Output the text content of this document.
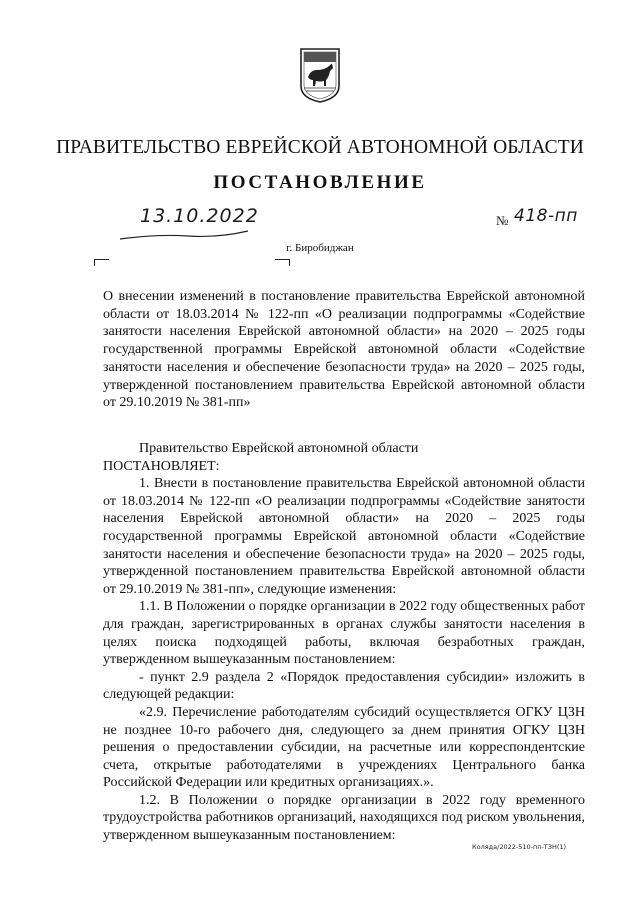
ПРАВИТЕЛЬСТВО ЕВРЕЙСКОЙ АВТОНОМНОЙ ОБЛАСТИ
ПОСТАНОВЛЕНИЕ
13.10.2022	№ 418-пп
г. Биробиджан

О внесении изменений в постановление правительства Еврейской автономной области от 18.03.2014 № 122-пп «О реализации подпрограммы «Содействие занятости населения Еврейской автономной области» на 2020 – 2025 годы государственной программы Еврейской автономной области «Содействие занятости населения и обеспечение безопасности труда» на 2020 – 2025 годы, утвержденной постановлением правительства Еврейской автономной области от 29.10.2019 № 381-пп»

Правительство Еврейской автономной области

ПОСТАНОВЛЯЕТ:

1. Внести в постановление правительства Еврейской автономной области от 18.03.2014 № 122-пп «О реализации подпрограммы «Содействие занятости населения Еврейской автономной области» на 2020 – 2025 годы государственной программы Еврейской автономной области «Содействие занятости населения и обеспечение безопасности труда» на 2020 – 2025 годы, утвержденной постановлением правительства Еврейской автономной области от 29.10.2019 № 381-пп», следующие изменения:

1.1. В Положении о порядке организации в 2022 году общественных работ для граждан, зарегистрированных в органах службы занятости населения в целях поиска подходящей работы, включая безработных граждан, утвержденном вышеуказанным постановлением:

- пункт 2.9 раздела 2 «Порядок предоставления субсидии» изложить в следующей редакции:

«2.9. Перечисление работодателям субсидий осуществляется ОГКУ ЦЗН не позднее 10-го рабочего дня, следующего за днем принятия ОГКУ ЦЗН решения о предоставлении субсидии, на расчетные или корреспондентские счета, открытые работодателями в учреждениях Центрального банка Российской Федерации или кредитных организациях.».

1.2. В Положении о порядке организации в 2022 году временного трудоустройства работников организаций, находящихся под риском увольнения, утвержденном вышеуказанным постановлением:

Коляда/2022-510-пп-ТЗН(1)
